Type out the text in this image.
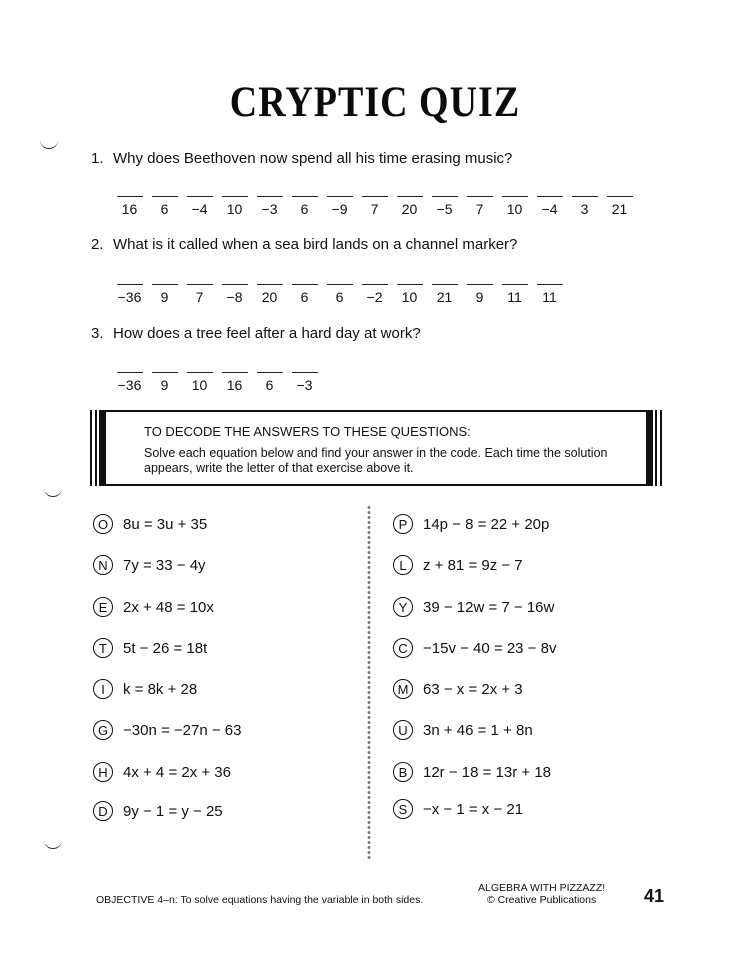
CRYPTIC QUIZ
1. Why does Beethoven now spend all his time erasing music?
16	6	−4	10	−3	6	−9	7	20	−5	7	10	−4	3	21
2. What is it called when a sea bird lands on a channel marker?
−36	9	7	−8	20	6	6	−2	10	21	9	11	11
3. How does a tree feel after a hard day at work?
−36	9	10	16	6	−3
TO DECODE THE ANSWERS TO THESE QUESTIONS:
Solve each equation below and find your answer in the code. Each time the solution appears, write the letter of that exercise above it.
O 8u = 3u + 35
N	7y = 33 − 4y
E	2x + 48 = 10x
T	5t − 26 = 18t
I	k = 8k + 28
G −30n = −27n − 63
H	4x + 4 = 2x + 36
D	9y − 1 = y − 25
P	14p − 8 = 22 + 20p
L	z + 81 = 9z − 7
Y	39 − 12w = 7 − 16w
C	−15v − 40 = 23 − 8v
M 63 − x = 2x + 3
U	3n + 46 = 1 + 8n
B	12r − 18 = 13r + 18
S	−x − 1 = x − 21
OBJECTIVE 4–n: To solve equations having the variable in both sides.
ALGEBRA WITH PIZZAZZ!
© Creative Publications	41
